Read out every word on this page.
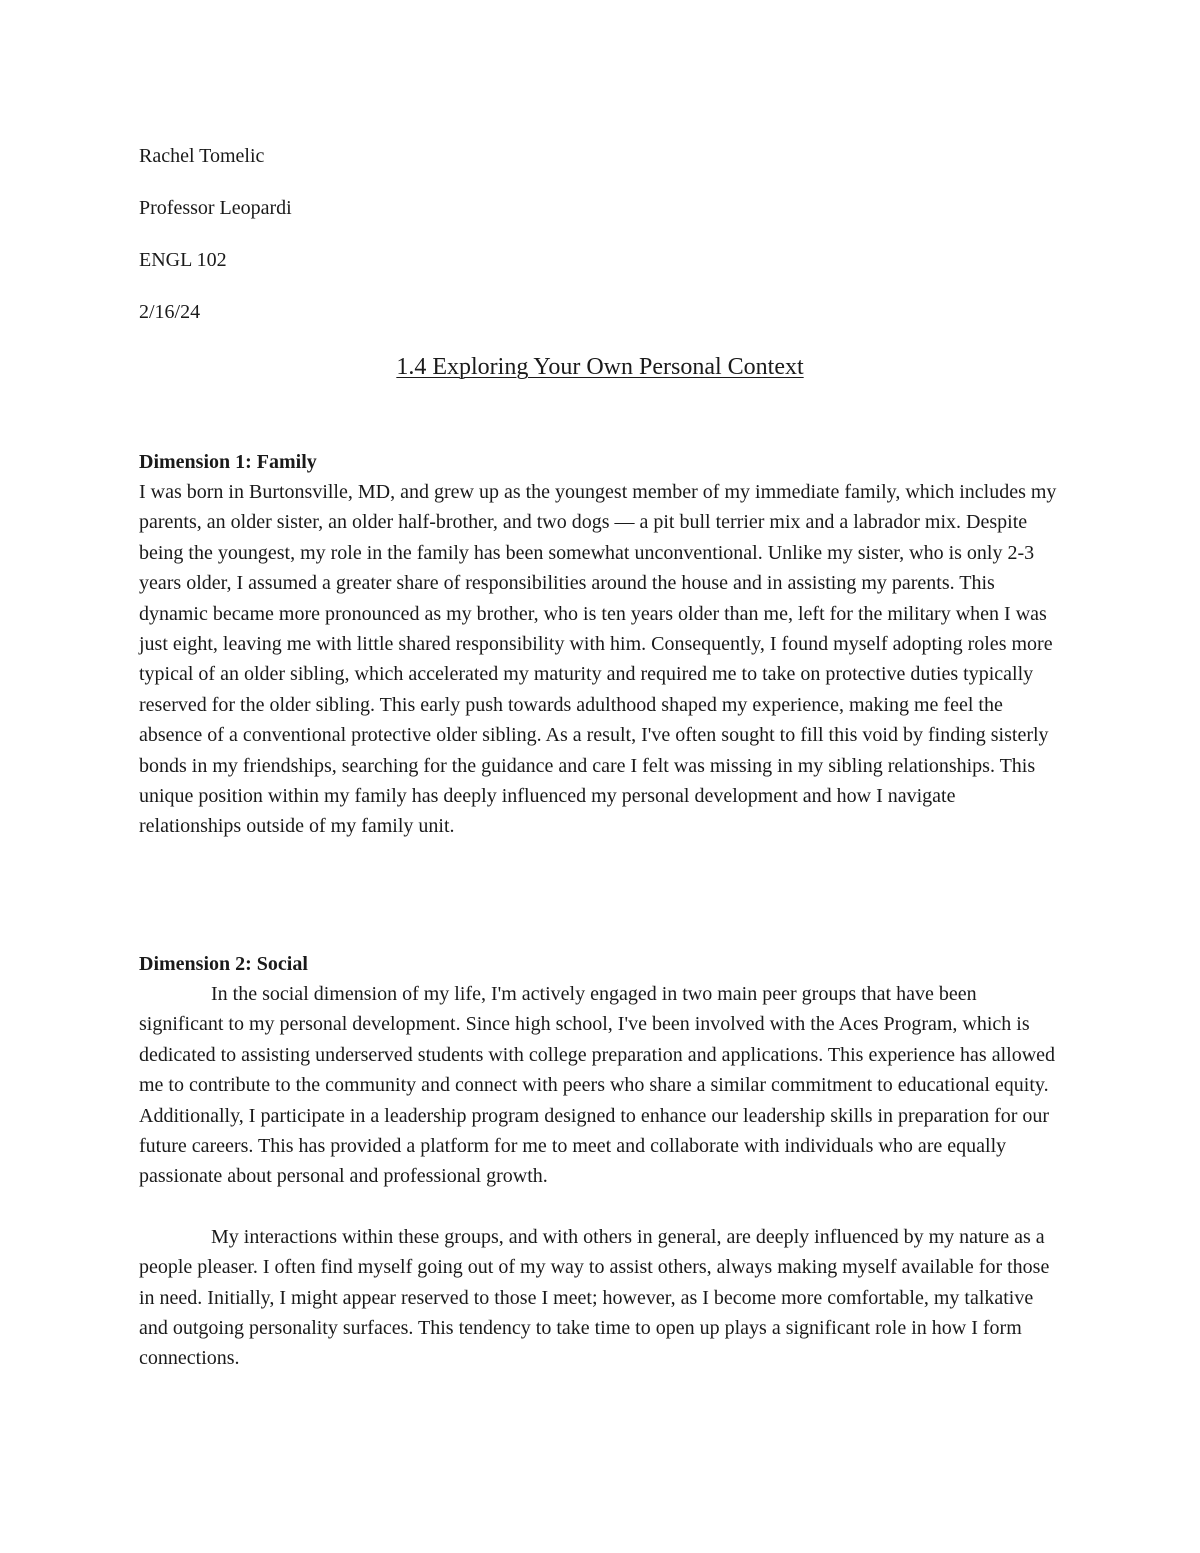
Rachel Tomelic
Professor Leopardi
ENGL 102
2/16/24
1.4 Exploring Your Own Personal Context
Dimension 1: Family

I was born in Burtonsville, MD, and grew up as the youngest member of my immediate family, which includes my parents, an older sister, an older half-brother, and two dogs — a pit bull terrier mix and a labrador mix. Despite being the youngest, my role in the family has been somewhat unconventional. Unlike my sister, who is only 2-3 years older, I assumed a greater share of responsibilities around the house and in assisting my parents. This dynamic became more pronounced as my brother, who is ten years older than me, left for the military when I was just eight, leaving me with little shared responsibility with him. Consequently, I found myself adopting roles more typical of an older sibling, which accelerated my maturity and required me to take on protective duties typically reserved for the older sibling. This early push towards adulthood shaped my experience, making me feel the absence of a conventional protective older sibling. As a result, I've often sought to fill this void by finding sisterly bonds in my friendships, searching for the guidance and care I felt was missing in my sibling relationships. This unique position within my family has deeply influenced my personal development and how I navigate relationships outside of my family unit.

Dimension 2: Social

In the social dimension of my life, I'm actively engaged in two main peer groups that have been significant to my personal development. Since high school, I've been involved with the Aces Program, which is dedicated to assisting underserved students with college preparation and applications. This experience has allowed me to contribute to the community and connect with peers who share a similar commitment to educational equity. Additionally, I participate in a leadership program designed to enhance our leadership skills in preparation for our future careers. This has provided a platform for me to meet and collaborate with individuals who are equally passionate about personal and professional growth.

My interactions within these groups, and with others in general, are deeply influenced by my nature as a people pleaser. I often find myself going out of my way to assist others, always making myself available for those in need. Initially, I might appear reserved to those I meet; however, as I become more comfortable, my talkative and outgoing personality surfaces. This tendency to take time to open up plays a significant role in how I form connections.
